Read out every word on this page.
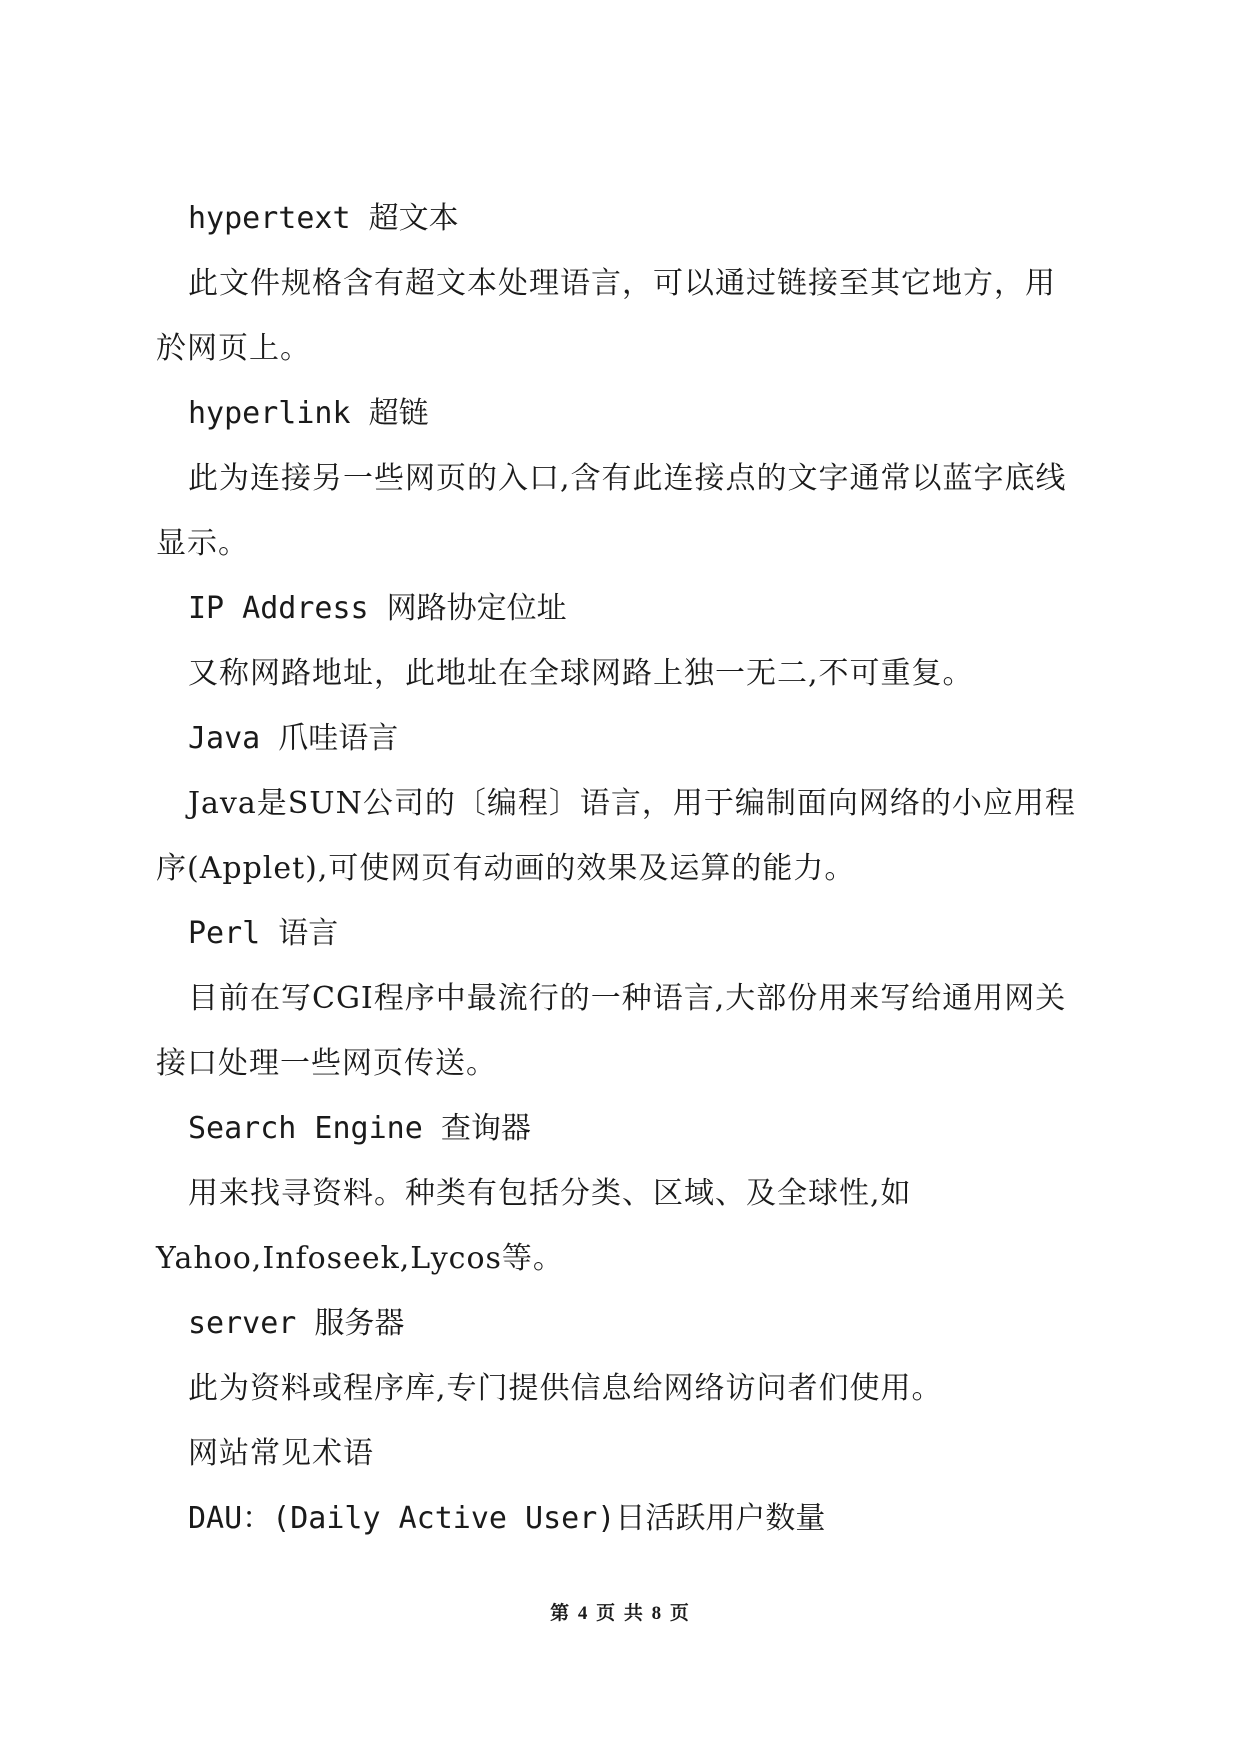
hypertext 超文本

此文件规格含有超文本处理语言，可以通过链接至其它地方，用於网页上。

hyperlink 超链

此为连接另一些网页的入口,含有此连接点的文字通常以蓝字底线显示。

IP Address 网路协定位址

又称网路地址，此地址在全球网路上独一无二,不可重复。

Java 爪哇语言

Java是SUN公司的〔编程〕语言，用于编制面向网络的小应用程序(Applet),可使网页有动画的效果及运算的能力。

Perl 语言

目前在写CGI程序中最流行的一种语言,大部份用来写给通用网关接口处理一些网页传送。

Search Engine 查询器

用来找寻资料。种类有包括分类、区域、及全球性,如Yahoo,Infoseek,Lycos等。

server 服务器

此为资料或程序库,专门提供信息给网络访问者们使用。

网站常见术语

DAU：(Daily Active User)日活跃用户数量

第 4 页 共 8 页
